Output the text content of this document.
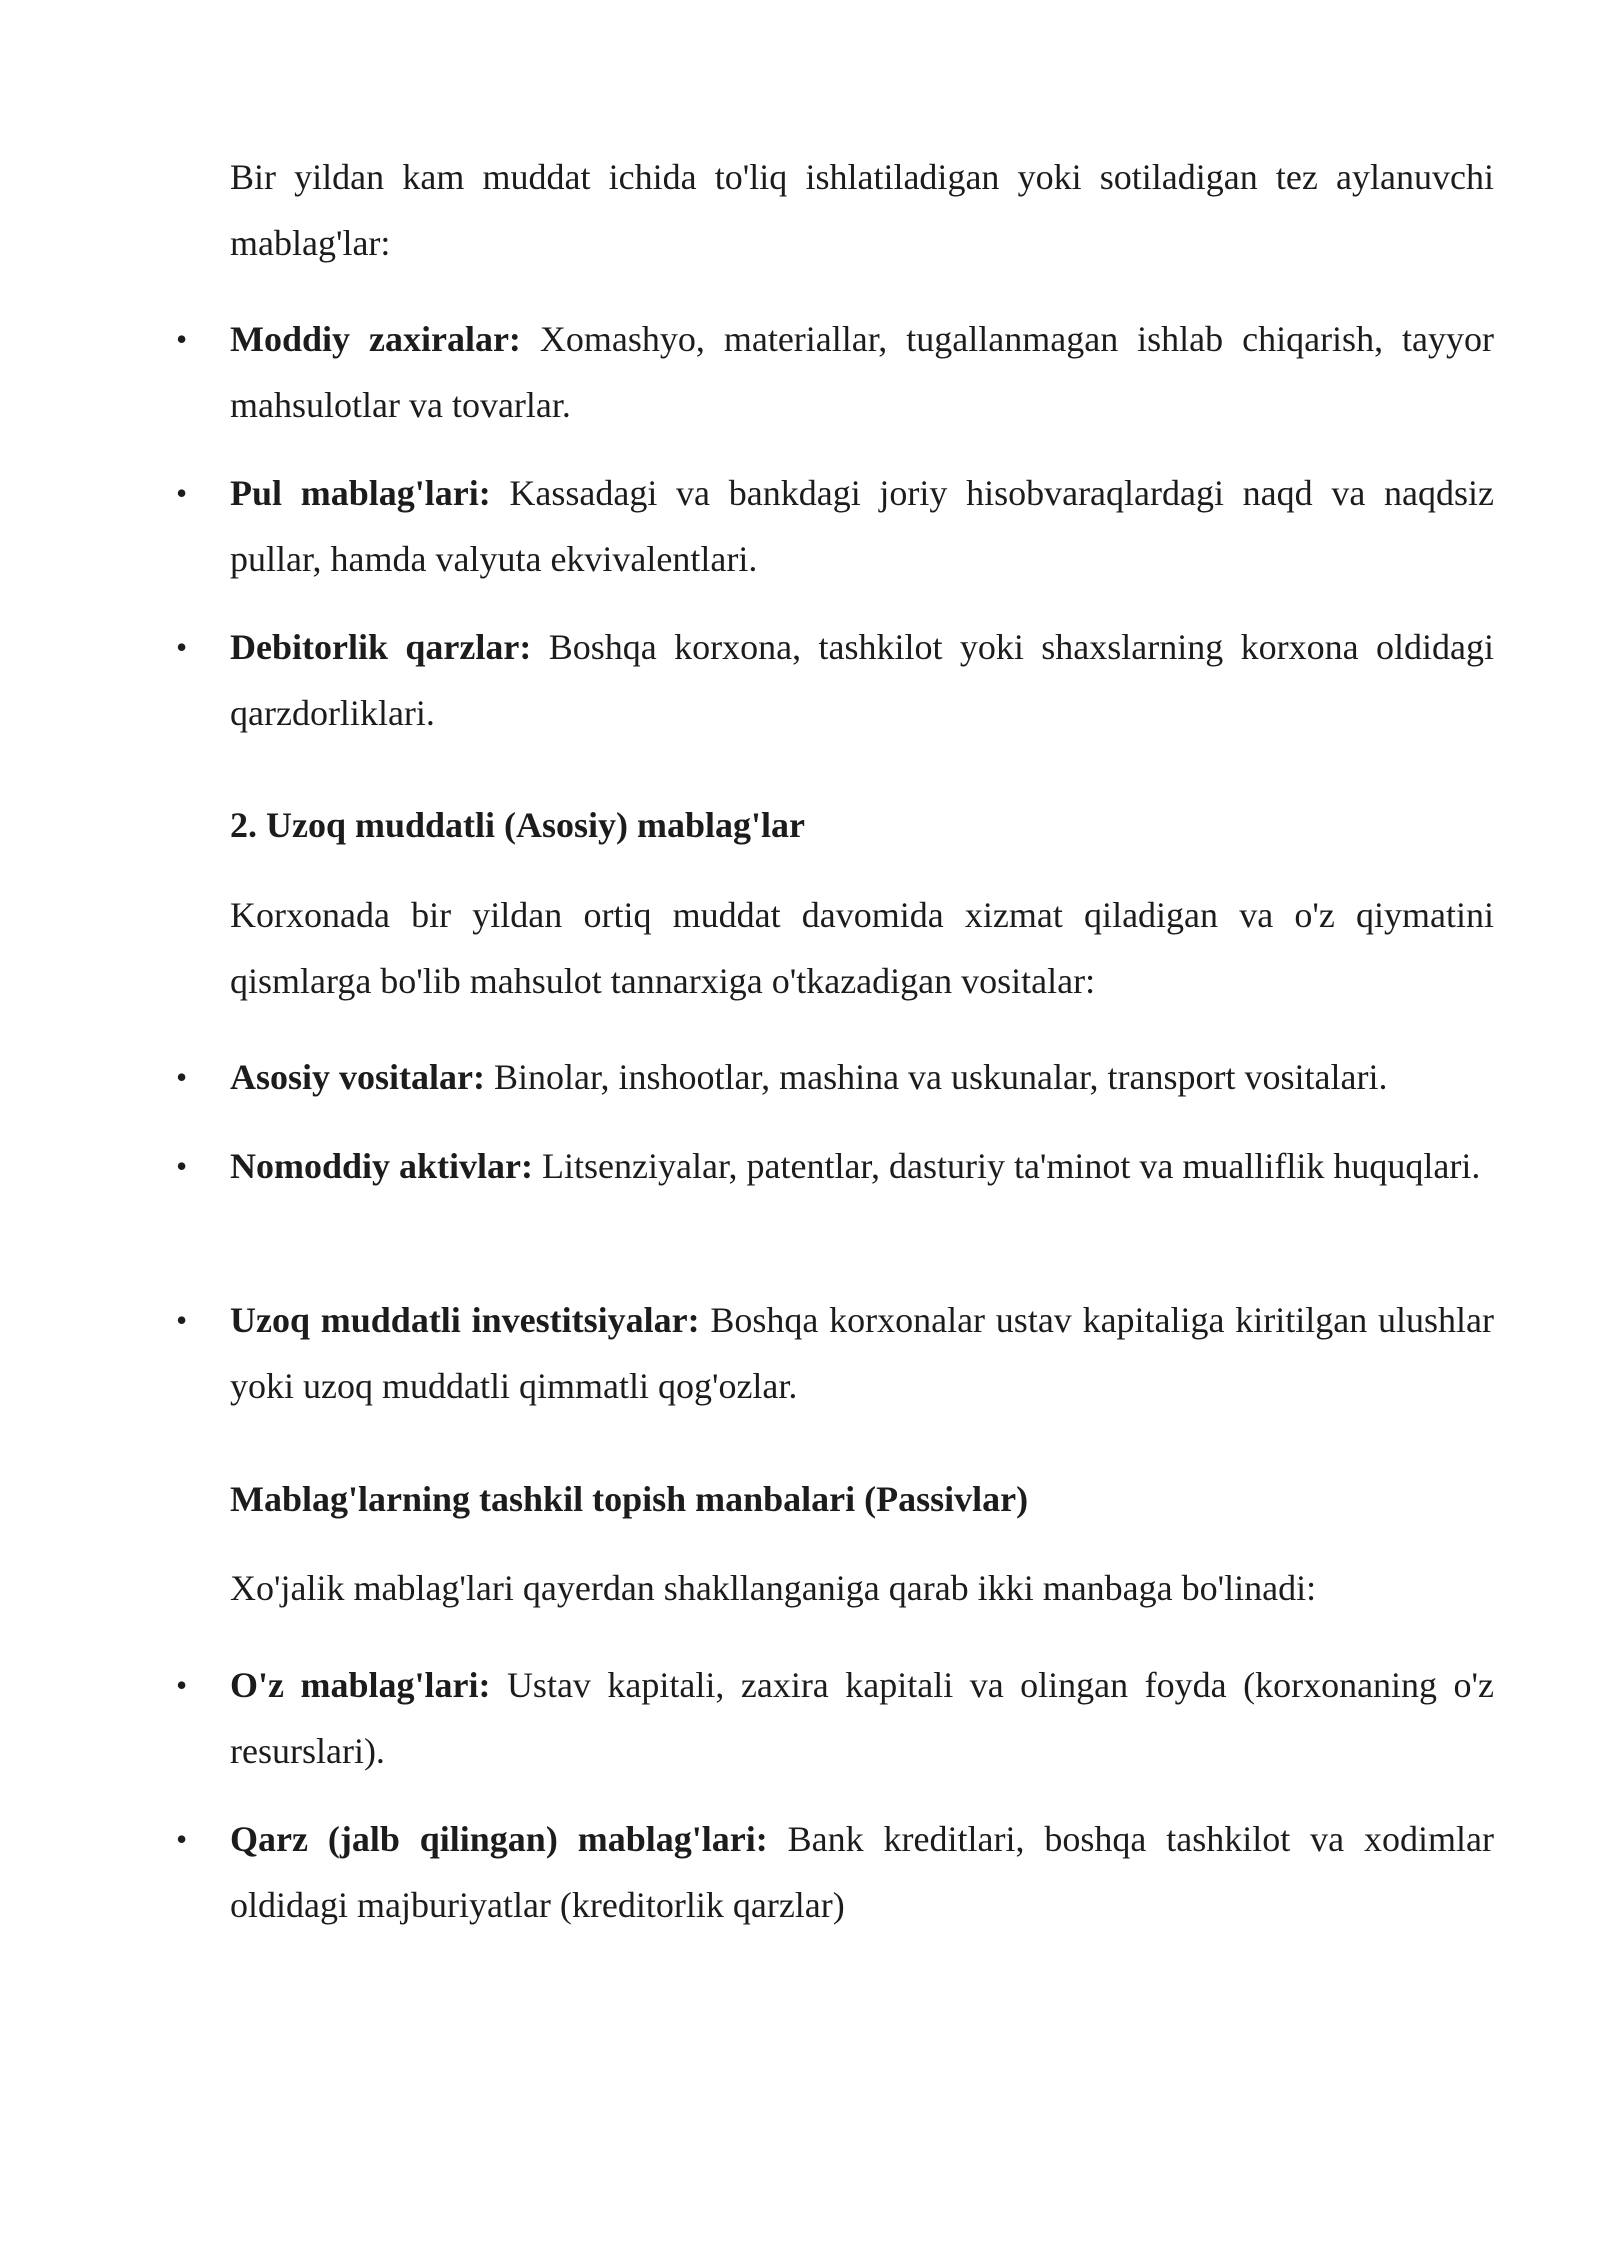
Bir yildan kam muddat ichida to'liq ishlatiladigan yoki sotiladigan tez aylanuvchi mablag'lar:

• Moddiy zaxiralar: Xomashyo, materiallar, tugallanmagan ishlab chiqarish, tayyor mahsulotlar va tovarlar.
• Pul mablag'lari: Kassadagi va bankdagi joriy hisobvaraqlardagi naqd va naqdsiz pullar, hamda valyuta ekvivalentlari.
• Debitorlik qarzlar: Boshqa korxona, tashkilot yoki shaxslarning korxona oldidagi qarzdorliklari.
2. Uzoq muddatli (Asosiy) mablag'lar

Korxonada bir yildan ortiq muddat davomida xizmat qiladigan va o'z qiymatini qismlarga bo'lib mahsulot tannarxiga o'tkazadigan vositalar:

• Asosiy vositalar: Binolar, inshootlar, mashina va uskunalar, transport vositalari.
• Nomoddiy aktivlar: Litsenziyalar, patentlar, dasturiy ta'minot va mualliflik huquqlari.
• Uzoq muddatli investitsiyalar: Boshqa korxonalar ustav kapitaliga kiritilgan ulushlar yoki uzoq muddatli qimmatli qog'ozlar.
Mablag'larning tashkil topish manbalari (Passivlar)

Xo'jalik mablag'lari qayerdan shakllanganiga qarab ikki manbaga bo'linadi:

• O'z mablag'lari: Ustav kapitali, zaxira kapitali va olingan foyda (korxonaning o'z resurslari).
• Qarz (jalb qilingan) mablag'lari: Bank kreditlari, boshqa tashkilot va xodimlar oldidagi majburiyatlar (kreditorlik qarzlar)
